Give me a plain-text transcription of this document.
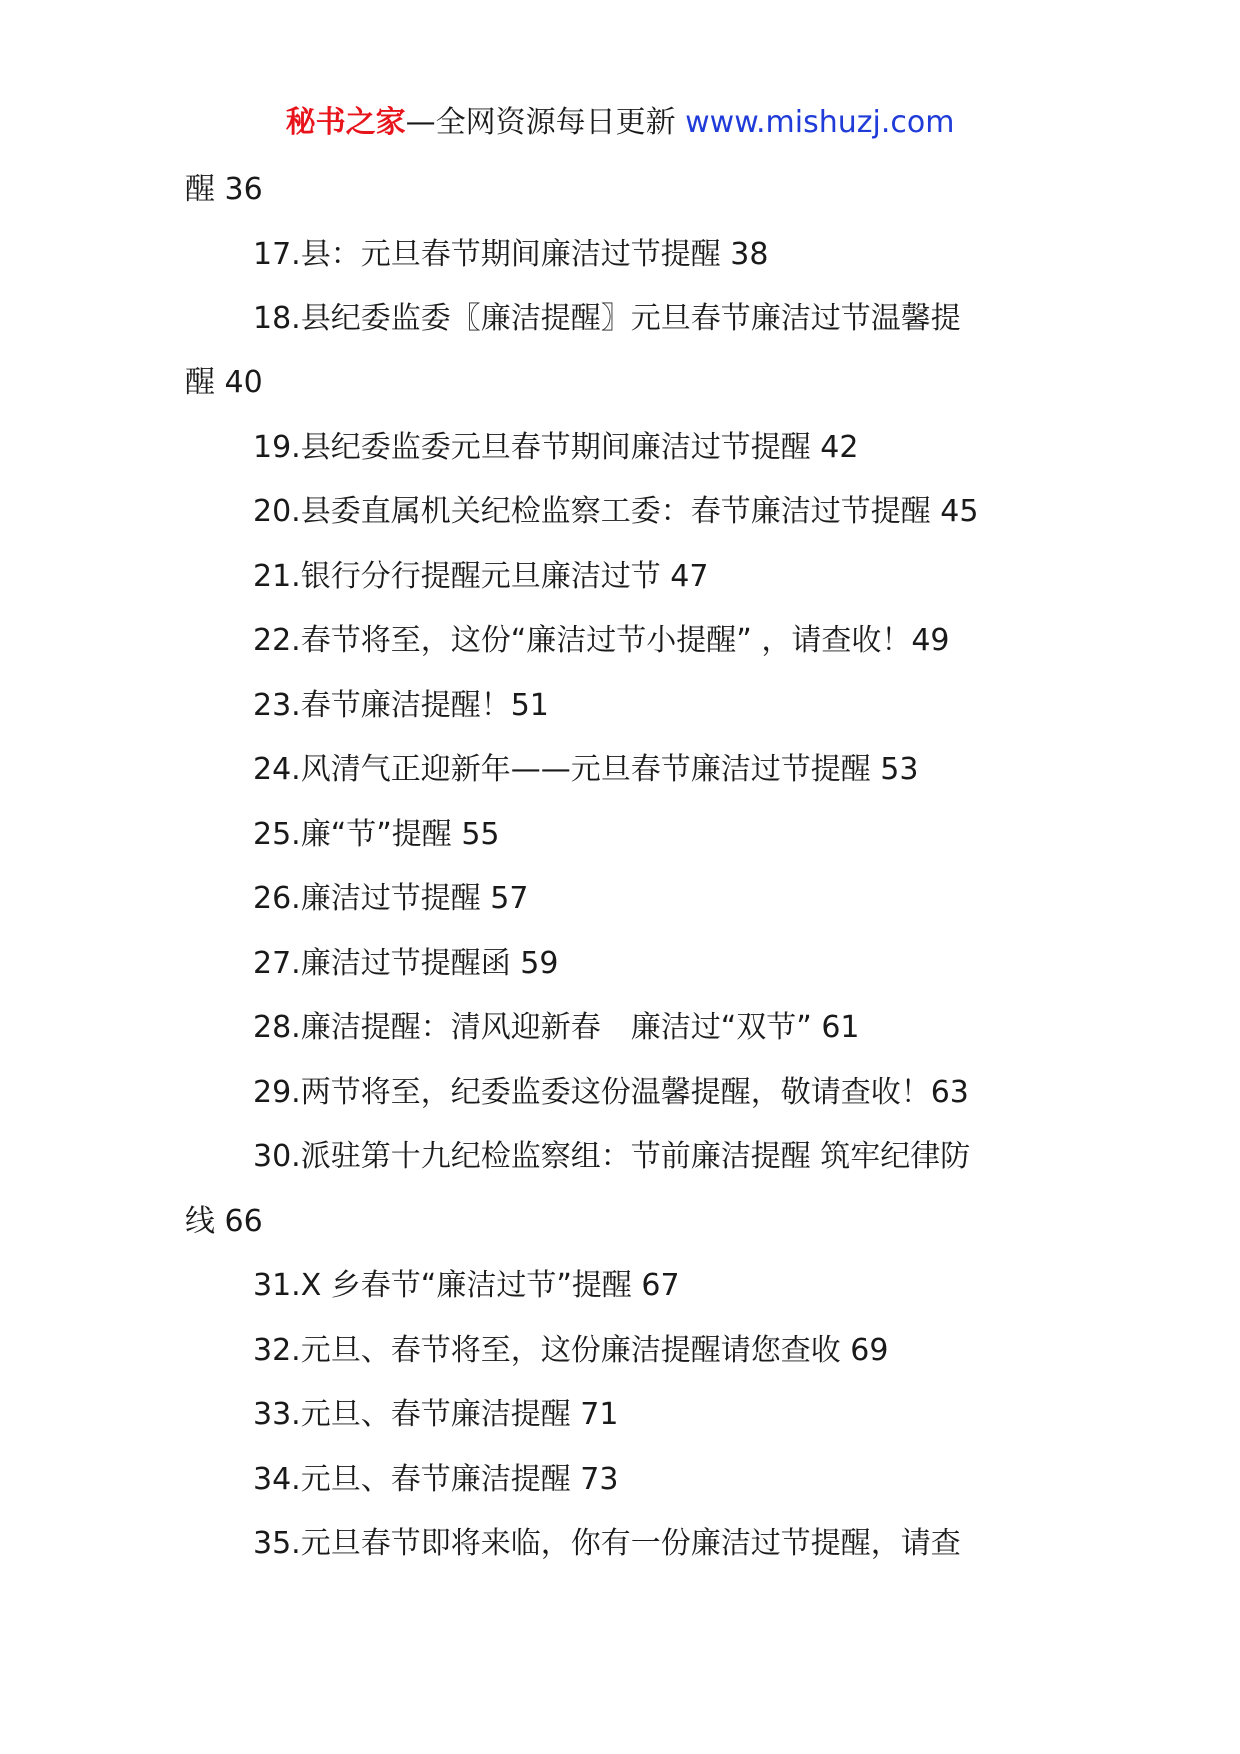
秘书之家—全网资源每日更新 www.mishuzj.com
醒 36
17.县：元旦春节期间廉洁过节提醒 38
18.县纪委监委〖廉洁提醒〗元旦春节廉洁过节温馨提
醒 40
19.县纪委监委元旦春节期间廉洁过节提醒 42
20.县委直属机关纪检监察工委：春节廉洁过节提醒 45
21.银行分行提醒元旦廉洁过节 47
22.春节将至，这份“廉洁过节小提醒” ，请查收！49
23.春节廉洁提醒！51
24.风清气正迎新年——元旦春节廉洁过节提醒 53
25.廉“节”提醒 55
26.廉洁过节提醒 57
27.廉洁过节提醒函 59
28.廉洁提醒：清风迎新春　廉洁过“双节” 61
29.两节将至，纪委监委这份温馨提醒，敬请查收！63
30.派驻第十九纪检监察组：节前廉洁提醒 筑牢纪律防
线 66
31.X 乡春节“廉洁过节”提醒 67
32.元旦、春节将至，这份廉洁提醒请您查收 69
33.元旦、春节廉洁提醒 71
34.元旦、春节廉洁提醒 73
35.元旦春节即将来临，你有一份廉洁过节提醒，请查
